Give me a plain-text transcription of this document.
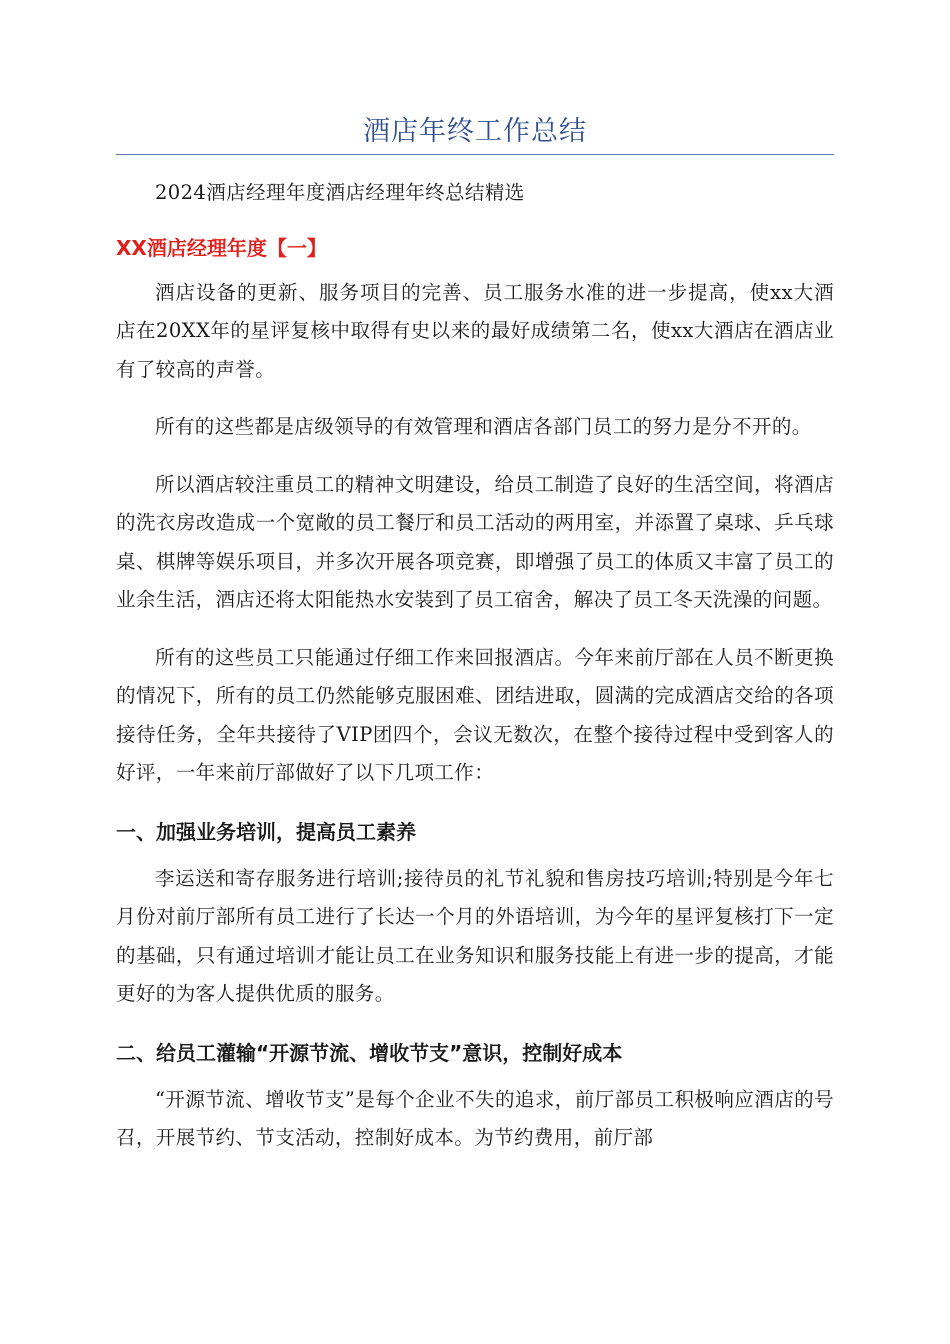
酒店年终工作总结

2024酒店经理年度酒店经理年终总结精选

XX酒店经理年度【一】

酒店设备的更新、服务项目的完善、员工服务水准的进一步提高，使xx大酒店在20XX年的星评复核中取得有史以来的最好成绩第二名，使xx大酒店在酒店业有了较高的声誉。

所有的这些都是店级领导的有效管理和酒店各部门员工的努力是分不开的。

所以酒店较注重员工的精神文明建设，给员工制造了良好的生活空间，将酒店的洗衣房改造成一个宽敞的员工餐厅和员工活动的两用室，并添置了桌球、乒乓球桌、棋牌等娱乐项目，并多次开展各项竞赛，即增强了员工的体质又丰富了员工的业余生活，酒店还将太阳能热水安装到了员工宿舍，解决了员工冬天洗澡的问题。

所有的这些员工只能通过仔细工作来回报酒店。今年来前厅部在人员不断更换的情况下，所有的员工仍然能够克服困难、团结进取，圆满的完成酒店交给的各项接待任务，全年共接待了VIP团四个，会议无数次，在整个接待过程中受到客人的好评，一年来前厅部做好了以下几项工作：

一、加强业务培训，提高员工素养

李运送和寄存服务进行培训;接待员的礼节礼貌和售房技巧培训;特别是今年七月份对前厅部所有员工进行了长达一个月的外语培训，为今年的星评复核打下一定的基础，只有通过培训才能让员工在业务知识和服务技能上有进一步的提高，才能更好的为客人提供优质的服务。

二、给员工灌输“开源节流、增收节支”意识，控制好成本

“开源节流、增收节支”是每个企业不失的追求，前厅部员工积极响应酒店的号召，开展节约、节支活动，控制好成本。为节约费用，前厅部
